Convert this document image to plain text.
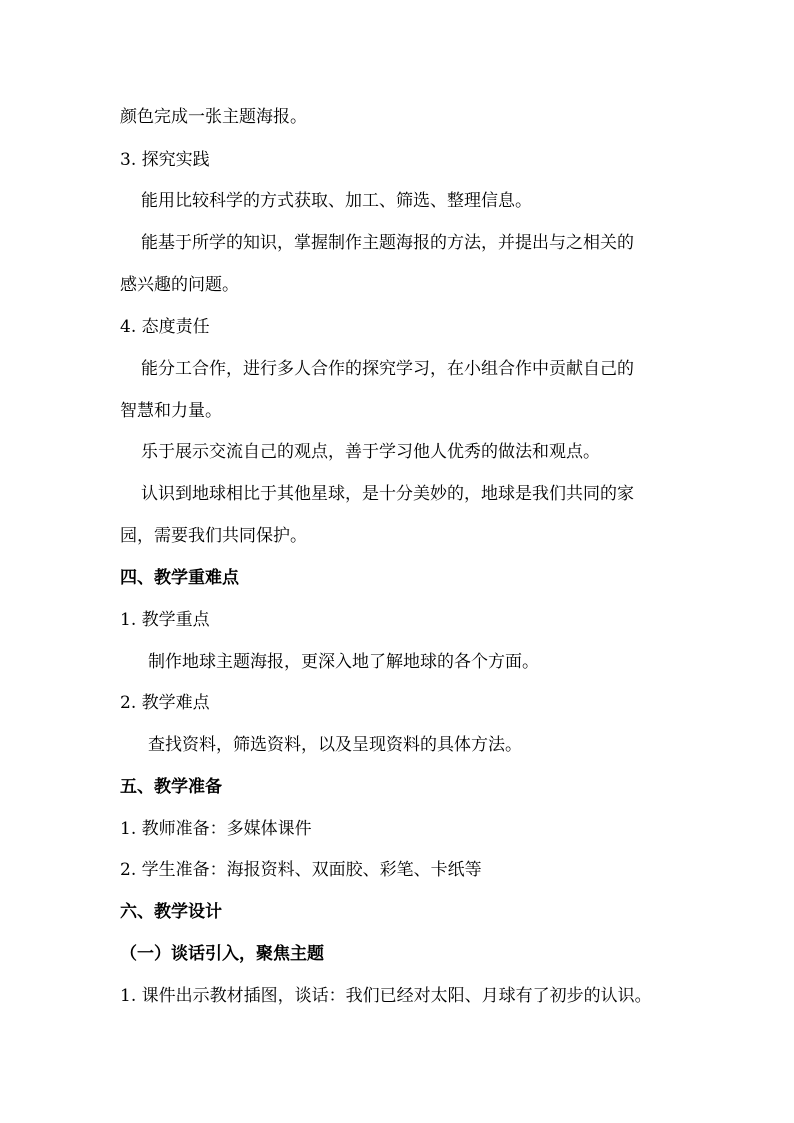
颜色完成一张主题海报。
3. 探究实践
能用比较科学的方式获取、加工、筛选、整理信息。
能基于所学的知识，掌握制作主题海报的方法，并提出与之相关的
感兴趣的问题。
4. 态度责任
能分工合作，进行多人合作的探究学习，在小组合作中贡献自己的
智慧和力量。
乐于展示交流自己的观点，善于学习他人优秀的做法和观点。
认识到地球相比于其他星球，是十分美妙的，地球是我们共同的家
园，需要我们共同保护。
四、教学重难点
1. 教学重点
制作地球主题海报，更深入地了解地球的各个方面。
2. 教学难点
查找资料，筛选资料，以及呈现资料的具体方法。
五、教学准备
1. 教师准备：多媒体课件
2. 学生准备：海报资料、双面胶、彩笔、卡纸等
六、教学设计
（一）谈话引入，聚焦主题
1. 课件出示教材插图，谈话：我们已经对太阳、月球有了初步的认识。
